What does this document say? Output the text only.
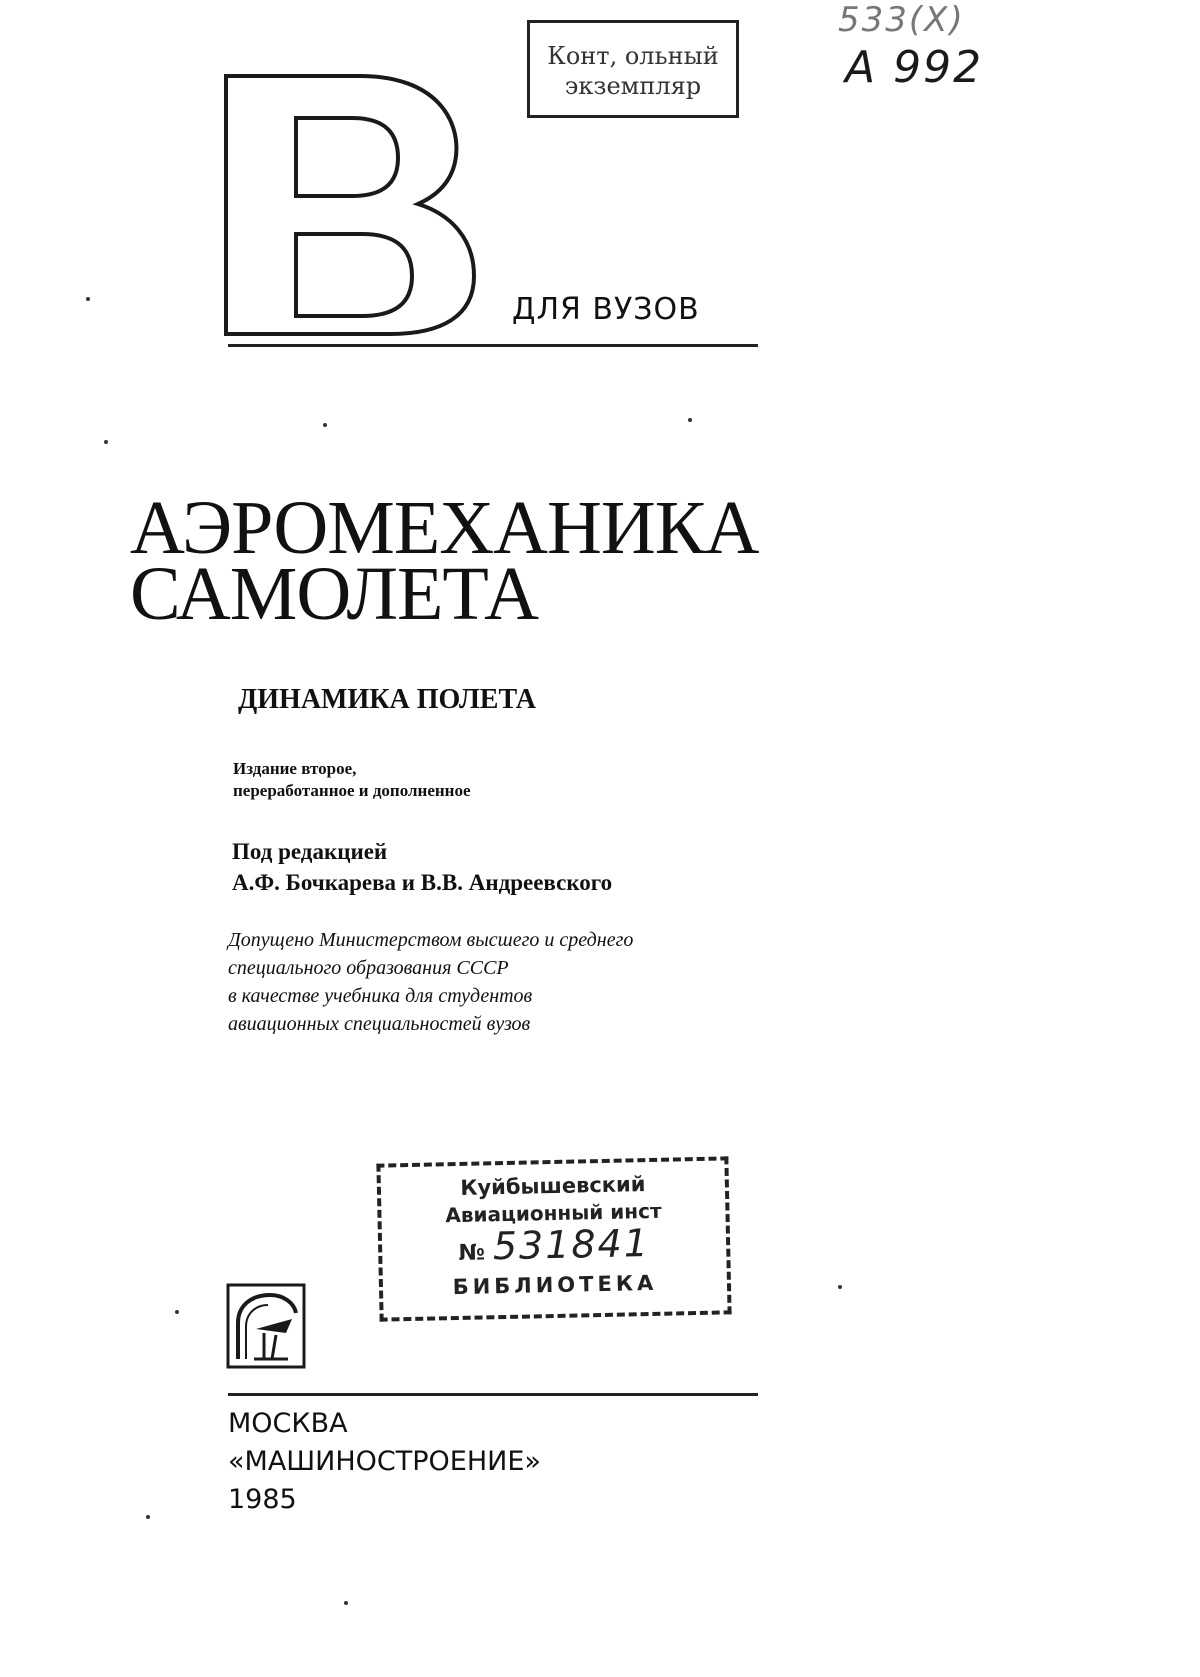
Конт, ольный
экземпляр
533(Х)
А 992
ДЛЯ ВУЗОВ
АЭРОМЕХАНИКА
САМОЛЕТА
ДИНАМИКА ПОЛЕТА
Издание второе,
переработанное и дополненное
Под редакцией
А.Ф. Бочкарева и В.В. Андреевского
Допущено Министерством высшего и среднего
специального образования СССР
в качестве учебника для студентов
авиационных специальностей вузов
Куйбышевский
Авиационный инст
№ 531841
БИБЛИОТЕКА
МОСКВА
«МАШИНОСТРОЕНИЕ»
1985
